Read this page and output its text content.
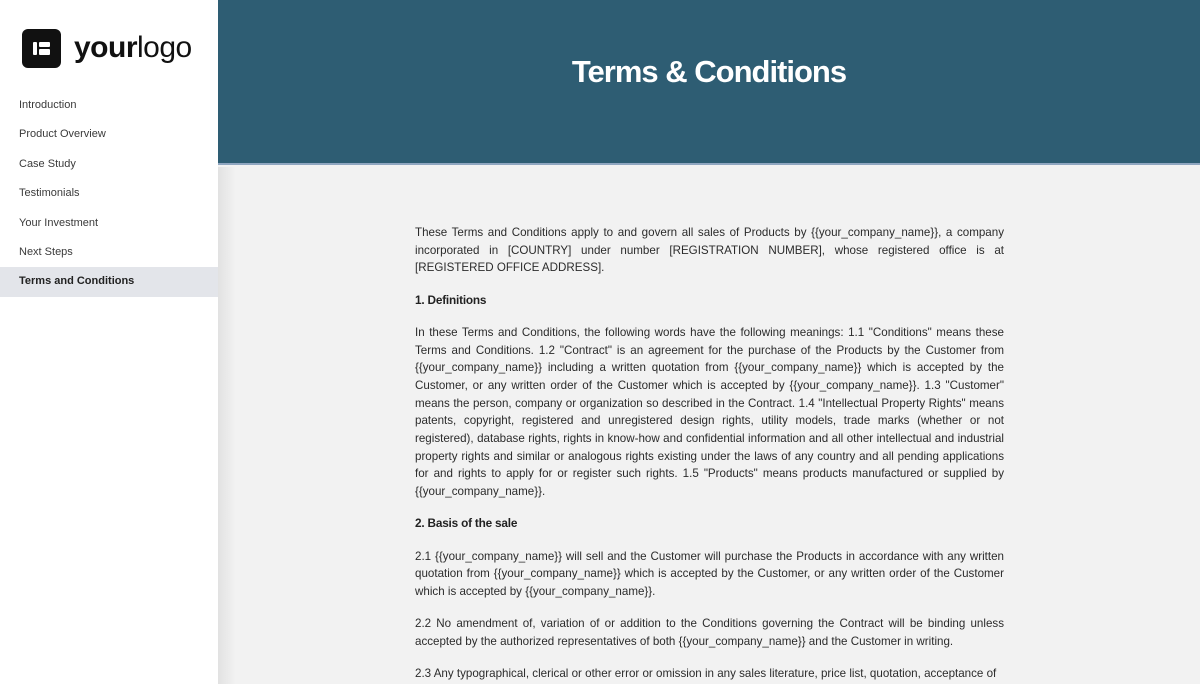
yourlogo
Introduction
Product Overview
Case Study
Testimonials
Your Investment
Next Steps
Terms and Conditions
Terms & Conditions

These Terms and Conditions apply to and govern all sales of Products by {{your_company_name}}, a company incorporated in [COUNTRY] under number [REGISTRATION NUMBER], whose registered office is at [REGISTERED OFFICE ADDRESS].

1. Definitions

In these Terms and Conditions, the following words have the following meanings: 1.1 "Conditions" means these Terms and Conditions. 1.2 "Contract" is an agreement for the purchase of the Products by the Customer from {{your_company_name}} including a written quotation from {{your_company_name}} which is accepted by the Customer, or any written order of the Customer which is accepted by {{your_company_name}}. 1.3 "Customer" means the person, company or organization so described in the Contract. 1.4 "Intellectual Property Rights" means patents, copyright, registered and unregistered design rights, utility models, trade marks (whether or not registered), database rights, rights in know-how and confidential information and all other intellectual and industrial property rights and similar or analogous rights existing under the laws of any country and all pending applications for and rights to apply for or register such rights. 1.5 "Products" means products manufactured or supplied by {{your_company_name}}.

2. Basis of the sale

2.1 {{your_company_name}} will sell and the Customer will purchase the Products in accordance with any written quotation from {{your_company_name}} which is accepted by the Customer, or any written order of the Customer which is accepted by {{your_company_name}}.

2.2 No amendment of, variation of or addition to the Conditions governing the Contract will be binding unless accepted by the authorized representatives of both {{your_company_name}} and the Customer in writing.

2.3 Any typographical, clerical or other error or omission in any sales literature, price list, quotation, acceptance of
